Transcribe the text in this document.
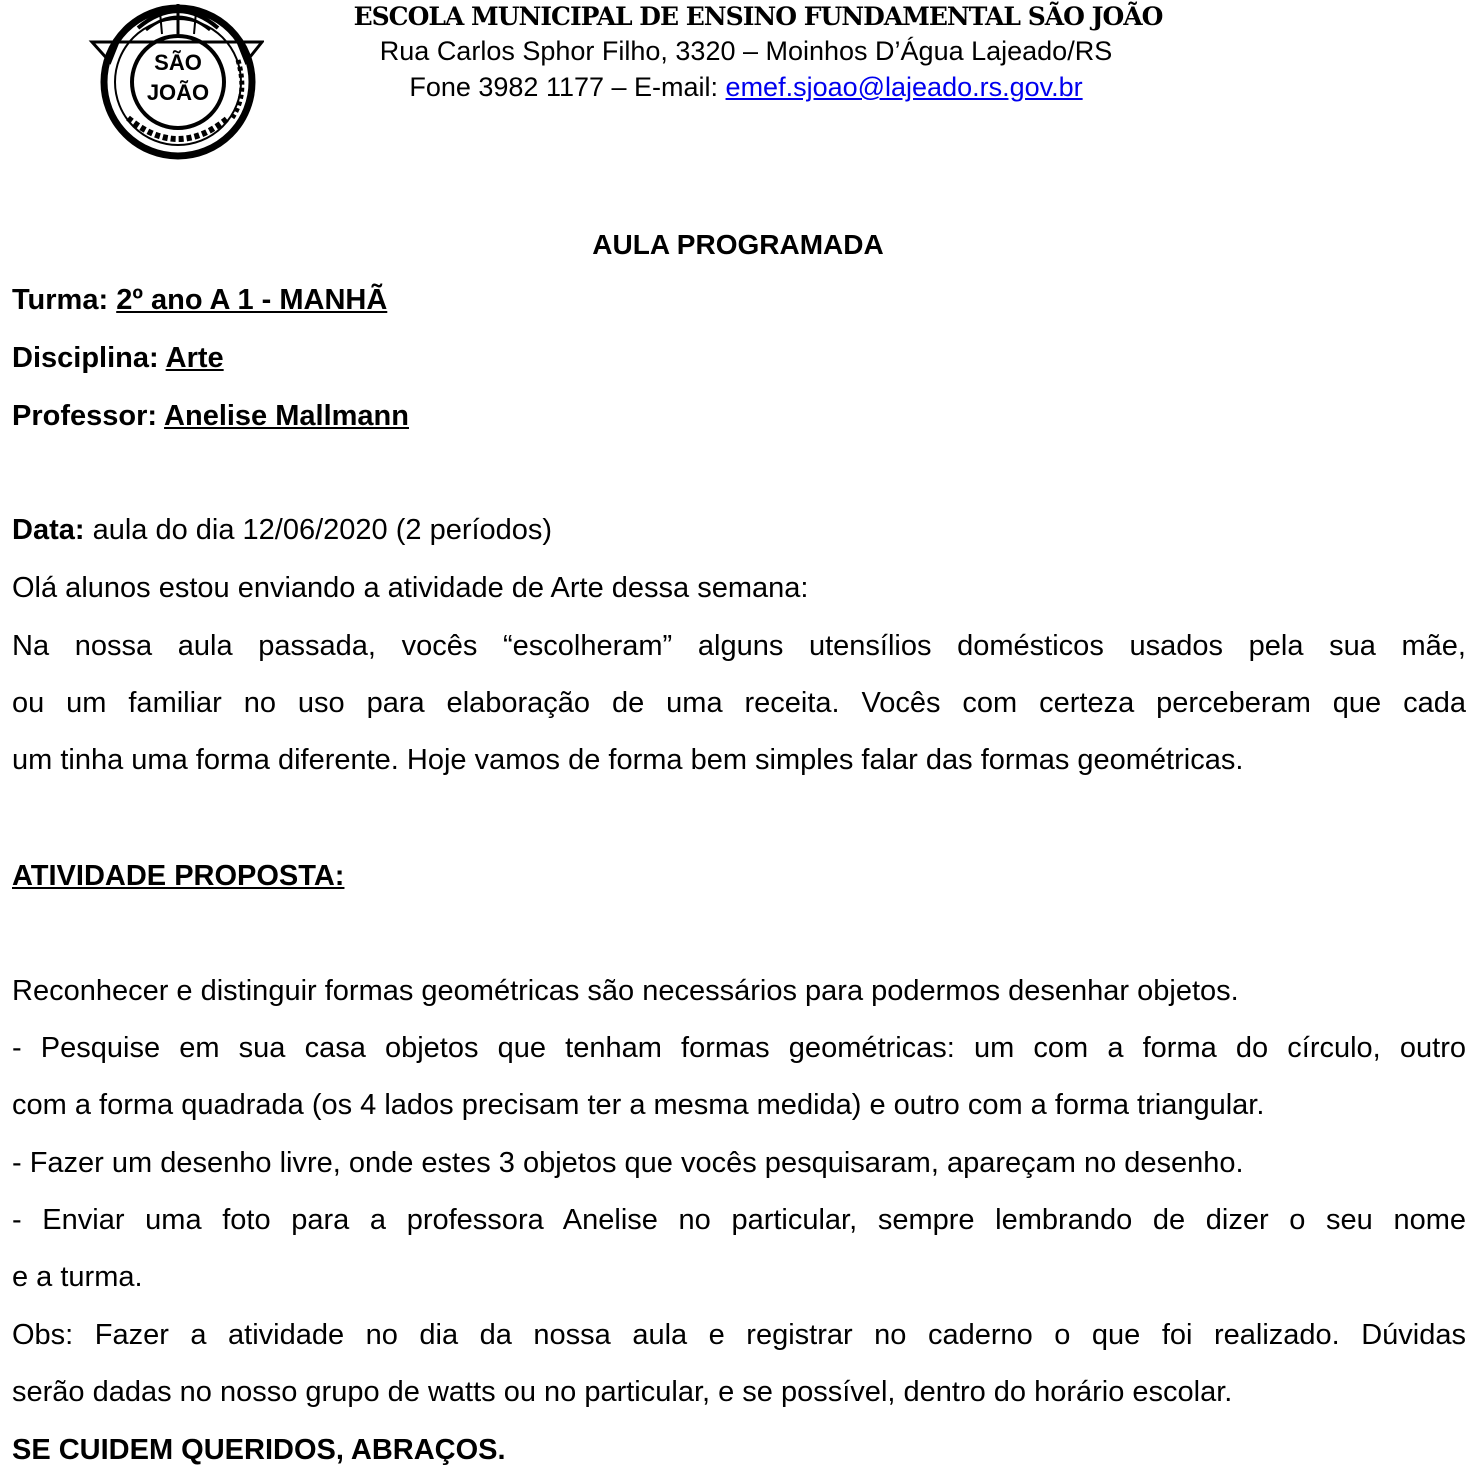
SÃO
JOÃO
ESCOLA MUNICIPAL DE ENSINO FUNDAMENTAL SÃO JOÃO
Rua Carlos Sphor Filho, 3320 – Moinhos D’Água Lajeado/RS
Fone 3982 1177 – E-mail: emef.sjoao@lajeado.rs.gov.br
AULA PROGRAMADA
Turma: 2º ano A 1 - MANHÃ
Disciplina: Arte
Professor: Anelise Mallmann
Data: aula do dia 12/06/2020 (2 períodos)
Olá alunos estou enviando a atividade de Arte dessa semana:
Na nossa aula passada, vocês “escolheram” alguns utensílios domésticos usados pela sua mãe,
ou um familiar no uso para elaboração de uma receita. Vocês com certeza perceberam que cada
um tinha uma forma diferente. Hoje vamos de forma bem simples falar das formas geométricas.
ATIVIDADE PROPOSTA:
Reconhecer e distinguir formas geométricas são necessários para podermos desenhar objetos.
- Pesquise em sua casa objetos que tenham formas geométricas: um com a forma do círculo, outro
com a forma quadrada (os 4 lados precisam ter a mesma medida) e outro com a forma triangular.
- Fazer um desenho livre, onde estes 3 objetos que vocês pesquisaram, apareçam no desenho.
- Enviar uma foto para a professora Anelise no particular, sempre lembrando de dizer o seu nome
e a turma.
Obs: Fazer a atividade no dia da nossa aula e registrar no caderno o que foi realizado. Dúvidas
serão dadas no nosso grupo de watts ou no particular, e se possível, dentro do horário escolar.
SE CUIDEM QUERIDOS, ABRAÇOS.
